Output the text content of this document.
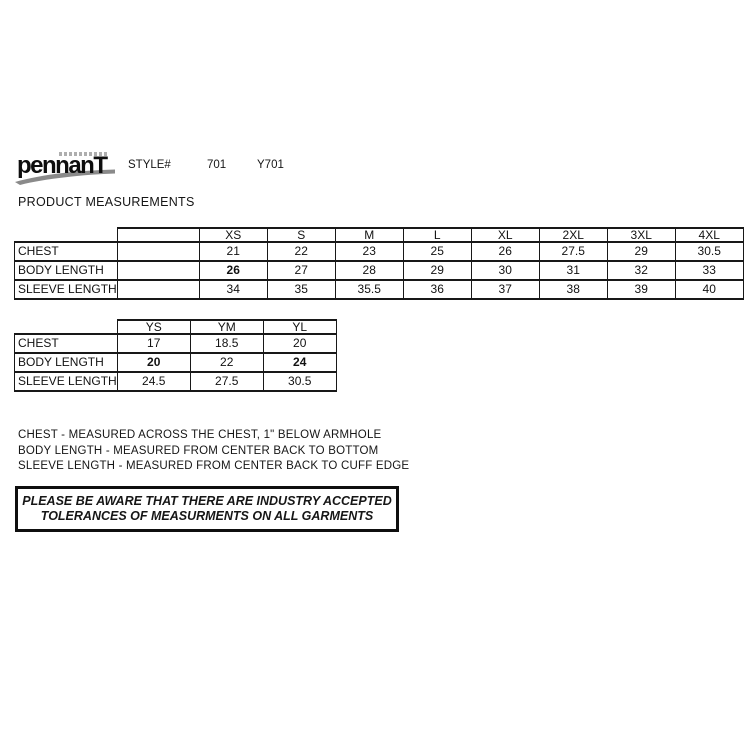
pennanT STYLE#	701	Y701
PRODUCT MEASUREMENTS
		XS	S	M	L	XL	2XL	3XL	4XL
CHEST		21	22	23	25	26	27.5	29	30.5
BODY LENGTH		26	27	28	29	30	31	32	33
SLEEVE LENGTH		34	35	35.5	36	37	38	39	40
	YS	YM	YL
CHEST	17	18.5	20
BODY LENGTH	20	22	24
SLEEVE LENGTH	24.5	27.5	30.5
CHEST - MEASURED ACROSS THE CHEST, 1" BELOW ARMHOLE
BODY LENGTH - MEASURED FROM CENTER BACK TO BOTTOM
SLEEVE LENGTH - MEASURED FROM CENTER BACK TO CUFF EDGE
PLEASE BE AWARE THAT THERE ARE INDUSTRY ACCEPTED
TOLERANCES OF MEASURMENTS ON ALL GARMENTS
